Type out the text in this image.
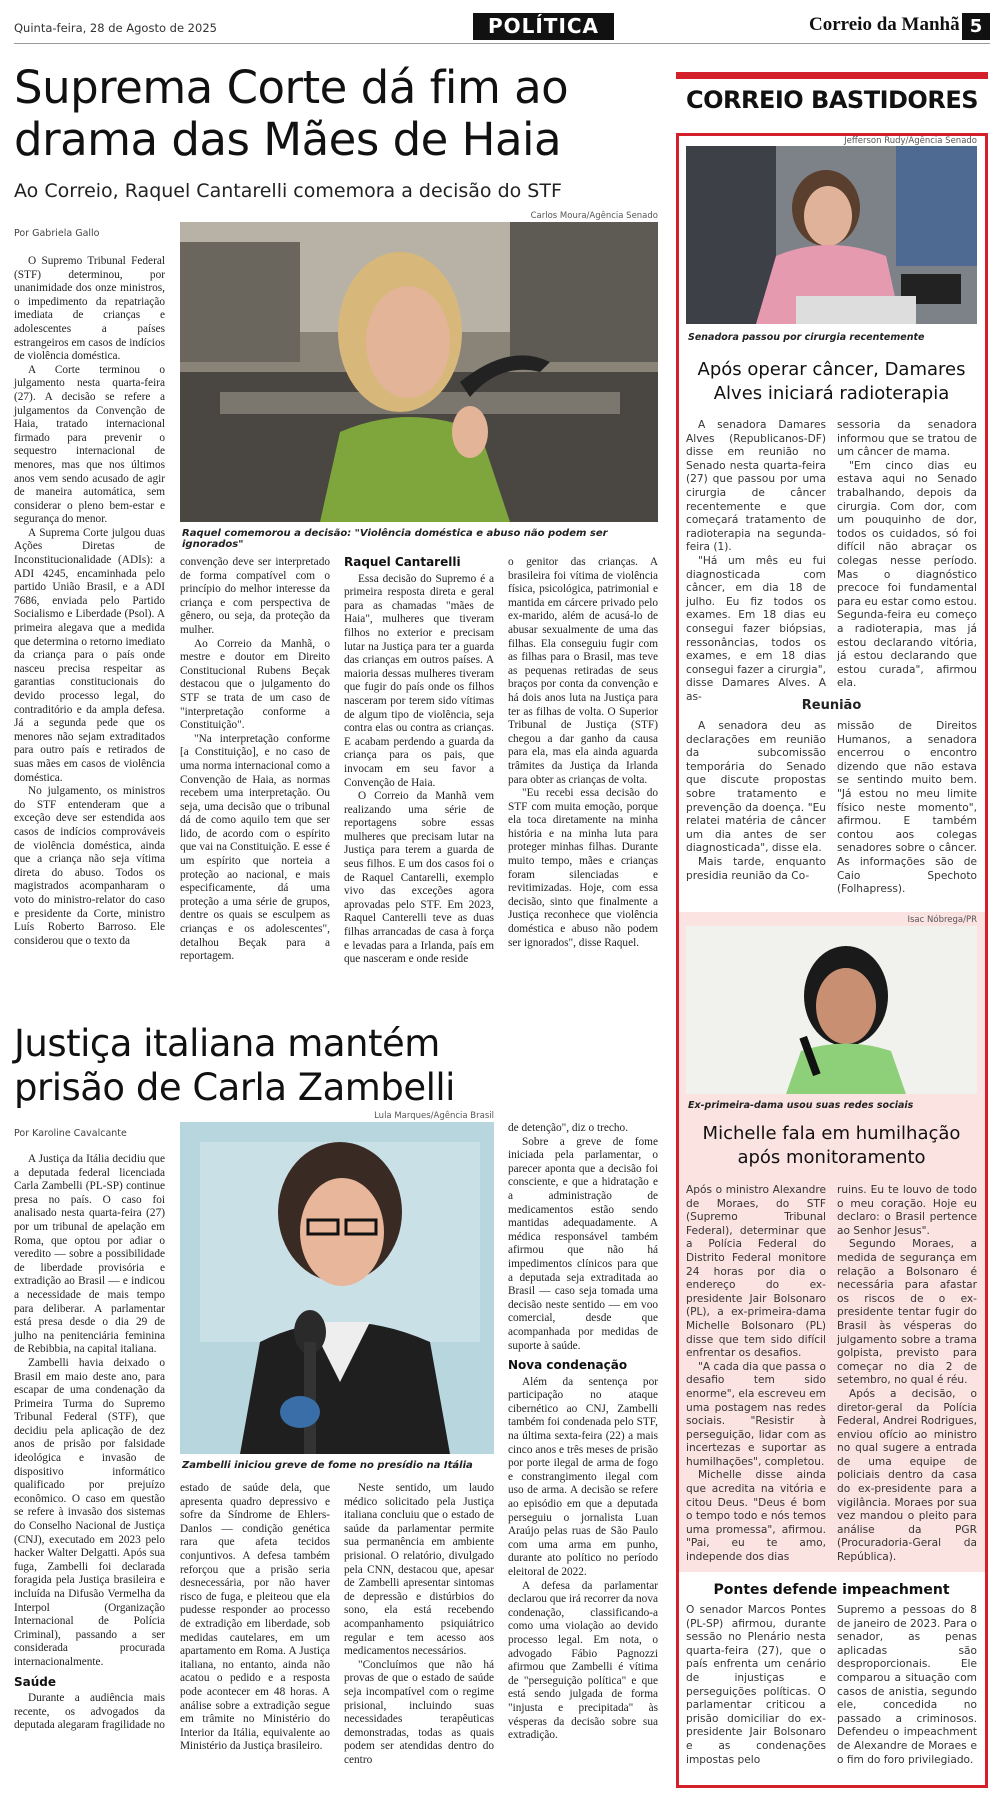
Quinta-feira, 28 de Agosto de 2025	POLÍTICA	Correio da Manhã 5
Suprema Corte dá fim ao drama das Mães de Haia
Ao Correio, Raquel Cantarelli comemora a decisão do STF
Por Gabriela Gallo
Carlos Moura/Agência Senado
Raquel comemorou a decisão: "Violência doméstica e abuso não podem ser ignorados"

O Supremo Tribunal Federal (STF) determinou, por unanimidade dos onze ministros, o impedimento da repatriação imediata de crianças e adolescentes a países estrangeiros em casos de indícios de violência doméstica.

A Corte terminou o julgamento nesta quarta-feira (27). A decisão se refere a julgamentos da Convenção de Haia, tratado internacional firmado para prevenir o sequestro internacional de menores, mas que nos últimos anos vem sendo acusado de agir de maneira automática, sem considerar o pleno bem-estar e segurança do menor.

A Suprema Corte julgou duas Ações Diretas de Inconstitucionalidade (ADIs): a ADI 4245, encaminhada pelo partido União Brasil, e a ADI 7686, enviada pelo Partido Socialismo e Liberdade (Psol). A primeira alegava que a medida que determina o retorno imediato da criança para o país onde nasceu precisa respeitar as garantias constitucionais do devido processo legal, do contraditório e da ampla defesa. Já a segunda pede que os menores não sejam extraditados para outro país e retirados de suas mães em casos de violência doméstica.

No julgamento, os ministros do STF entenderam que a exceção deve ser estendida aos casos de indícios comprováveis de violência doméstica, ainda que a criança não seja vítima direta do abuso. Todos os magistrados acompanharam o voto do ministro-relator do caso e presidente da Corte, ministro Luís Roberto Barroso. Ele considerou que o texto da

convenção deve ser interpretado de forma compatível com o princípio do melhor interesse da criança e com perspectiva de gênero, ou seja, da proteção da mulher.

Ao Correio da Manhã, o mestre e doutor em Direito Constitucional Rubens Beçak destacou que o julgamento do STF se trata de um caso de "interpretação conforme a Constituição".

"Na interpretação conforme [a Constituição], e no caso de uma norma internacional como a Convenção de Haia, as normas recebem uma interpretação. Ou seja, uma decisão que o tribunal dá de como aquilo tem que ser lido, de acordo com o espírito que vai na Constituição. E esse é um espírito que norteia a proteção ao nacional, e mais especificamente, dá uma proteção a uma série de grupos, dentre os quais se esculpem as crianças e os adolescentes", detalhou Beçak para a reportagem.

Raquel Cantarelli

Essa decisão do Supremo é a primeira resposta direta e geral para as chamadas "mães de Haia", mulheres que tiveram filhos no exterior e precisam lutar na Justiça para ter a guarda das crianças em outros países. A maioria dessas mulheres tiveram que fugir do país onde os filhos nasceram por terem sido vítimas de algum tipo de violência, seja contra elas ou contra as crianças. E acabam perdendo a guarda da criança para os pais, que invocam em seu favor a Convenção de Haia.

O Correio da Manhã vem realizando uma série de reportagens sobre essas mulheres que precisam lutar na Justiça para terem a guarda de seus filhos. E um dos casos foi o de Raquel Cantarelli, exemplo vivo das exceções agora aprovadas pelo STF. Em 2023, Raquel Canterelli teve as duas filhas arrancadas de casa à força e levadas para a Irlanda, país em que nasceram e onde reside

o genitor das crianças. A brasileira foi vítima de violência física, psicológica, patrimonial e mantida em cárcere privado pelo ex-marido, além de acusá-lo de abusar sexualmente de uma das filhas. Ela conseguiu fugir com as filhas para o Brasil, mas teve as pequenas retiradas de seus braços por conta da convenção e há dois anos luta na Justiça para ter as filhas de volta. O Superior Tribunal de Justiça (STF) chegou a dar ganho da causa para ela, mas ela ainda aguarda trâmites da Justiça da Irlanda para obter as crianças de volta.

"Eu recebi essa decisão do STF com muita emoção, porque ela toca diretamente na minha história e na minha luta para proteger minhas filhas. Durante muito tempo, mães e crianças foram silenciadas e revitimizadas. Hoje, com essa decisão, sinto que finalmente a Justiça reconhece que violência doméstica e abuso não podem ser ignorados", disse Raquel.

Justiça italiana mantém prisão de Carla Zambelli
Por Karoline Cavalcante
Lula Marques/Agência Brasil
Zambelli iniciou greve de fome no presídio na Itália

A Justiça da Itália decidiu que a deputada federal licenciada Carla Zambelli (PL-SP) continue presa no país. O caso foi analisado nesta quarta-feira (27) por um tribunal de apelação em Roma, que optou por adiar o veredito — sobre a possibilidade de liberdade provisória e extradição ao Brasil — e indicou a necessidade de mais tempo para deliberar. A parlamentar está presa desde o dia 29 de julho na penitenciária feminina de Rebibbia, na capital italiana.

Zambelli havia deixado o Brasil em maio deste ano, para escapar de uma condenação da Primeira Turma do Supremo Tribunal Federal (STF), que decidiu pela aplicação de dez anos de prisão por falsidade ideológica e invasão de dispositivo informático qualificado por prejuízo econômico. O caso em questão se refere à invasão dos sistemas do Conselho Nacional de Justiça (CNJ), executado em 2023 pelo hacker Walter Delgatti. Após sua fuga, Zambelli foi declarada foragida pela Justiça brasileira e incluída na Difusão Vermelha da Interpol (Organização Internacional de Polícia Criminal), passando a ser considerada procurada internacionalmente.

Saúde

Durante a audiência mais recente, os advogados da deputada alegaram fragilidade no

estado de saúde dela, que apresenta quadro depressivo e sofre da Síndrome de Ehlers-Danlos — condição genética rara que afeta tecidos conjuntivos. A defesa também reforçou que a prisão seria desnecessária, por não haver risco de fuga, e pleiteou que ela pudesse responder ao processo de extradição em liberdade, sob medidas cautelares, em um apartamento em Roma. A Justiça italiana, no entanto, ainda não acatou o pedido e a resposta pode acontecer em 48 horas. A análise sobre a extradição segue em trâmite no Ministério do Interior da Itália, equivalente ao Ministério da Justiça brasileiro.

Neste sentido, um laudo médico solicitado pela Justiça italiana concluiu que o estado de saúde da parlamentar permite sua permanência em ambiente prisional. O relatório, divulgado pela CNN, destacou que, apesar de Zambelli apresentar sintomas de depressão e distúrbios do sono, ela está recebendo acompanhamento psiquiátrico regular e tem acesso aos medicamentos necessários.

"Concluímos que não há provas de que o estado de saúde seja incompatível com o regime prisional, incluindo suas necessidades terapêuticas demonstradas, todas as quais podem ser atendidas dentro do centro

de detenção", diz o trecho.

Sobre a greve de fome iniciada pela parlamentar, o parecer aponta que a decisão foi consciente, e que a hidratação e a administração de medicamentos estão sendo mantidas adequadamente. A médica responsável também afirmou que não há impedimentos clínicos para que a deputada seja extraditada ao Brasil — caso seja tomada uma decisão neste sentido — em voo comercial, desde que acompanhada por medidas de suporte à saúde.

Nova condenação

Além da sentença por participação no ataque cibernético ao CNJ, Zambelli também foi condenada pelo STF, na última sexta-feira (22) a mais cinco anos e três meses de prisão por porte ilegal de arma de fogo e constrangimento ilegal com uso de arma. A decisão se refere ao episódio em que a deputada perseguiu o jornalista Luan Araújo pelas ruas de São Paulo com uma arma em punho, durante ato político no período eleitoral de 2022.

A defesa da parlamentar declarou que irá recorrer da nova condenação, classificando-a como uma violação ao devido processo legal. Em nota, o advogado Fábio Pagnozzi afirmou que Zambelli é vítima de "perseguição política" e que está sendo julgada de forma "injusta e precipitada" às vésperas da decisão sobre sua extradição.

CORREIO BASTIDORES
Jefferson Rudy/Agência Senado
Senadora passou por cirurgia recentemente
Após operar câncer, Damares Alves iniciará radioterapia

A senadora Damares Alves (Republicanos-DF) disse em reunião no Senado nesta quarta-feira (27) que passou por uma cirurgia de câncer recentemente e que começará tratamento de radioterapia na segunda-feira (1).

"Há um mês eu fui diagnosticada com câncer, em dia 18 de julho. Eu fiz todos os exames. Em 18 dias eu consegui fazer biópsias, ressonâncias, todos os exames, e em 18 dias consegui fazer a cirurgia", disse Damares Alves. A as-

sessoria da senadora informou que se tratou de um câncer de mama.

"Em cinco dias eu estava aqui no Senado trabalhando, depois da cirurgia. Com dor, com um pouquinho de dor, todos os cuidados, só foi difícil não abraçar os colegas nesse período. Mas o diagnóstico precoce foi fundamental para eu estar como estou. Segunda-feira eu começo a radioterapia, mas já estou declarando vitória, já estou declarando que estou curada", afirmou ela.

Reunião

A senadora deu as declarações em reunião da subcomissão temporária do Senado que discute propostas sobre tratamento e prevenção da doença. "Eu relatei matéria de câncer um dia antes de ser diagnosticada", disse ela.

Mais tarde, enquanto presidia reunião da Co-

missão de Direitos Humanos, a senadora encerrou o encontro dizendo que não estava se sentindo muito bem. "Já estou no meu limite físico neste momento", afirmou. E também contou aos colegas senadores sobre o câncer. As informações são de Caio Spechoto (Folhapress).

Isac Nóbrega/PR
Ex-primeira-dama usou suas redes sociais
Michelle fala em humilhação após monitoramento

Após o ministro Alexandre de Moraes, do STF (Supremo Tribunal Federal), determinar que a Polícia Federal do Distrito Federal monitore 24 horas por dia o endereço do ex-presidente Jair Bolsonaro (PL), a ex-primeira-dama Michelle Bolsonaro (PL) disse que tem sido difícil enfrentar os desafios.

"A cada dia que passa o desafio tem sido enorme", ela escreveu em uma postagem nas redes sociais. "Resistir à perseguição, lidar com as incertezas e suportar as humilhações", completou.

Michelle disse ainda que acredita na vitória e citou Deus. "Deus é bom o tempo todo e nós temos uma promessa", afirmou. "Pai, eu te amo, independe dos dias

ruins. Eu te louvo de todo o meu coração. Hoje eu declaro: o Brasil pertence ao Senhor Jesus".

Segundo Moraes, a medida de segurança em relação a Bolsonaro é necessária para afastar os riscos de o ex-presidente tentar fugir do Brasil às vésperas do julgamento sobre a trama golpista, previsto para começar no dia 2 de setembro, no qual é réu.

Após a decisão, o diretor-geral da Polícia Federal, Andrei Rodrigues, enviou ofício ao ministro no qual sugere a entrada de uma equipe de policiais dentro da casa do ex-presidente para a vigilância. Moraes por sua vez mandou o pleito para análise da PGR (Procuradoria-Geral da República).

Pontes defende impeachment

O senador Marcos Pontes (PL-SP) afirmou, durante sessão no Plenário nesta quarta-feira (27), que o país enfrenta um cenário de injustiças e perseguições políticas. O parlamentar criticou a prisão domiciliar do ex-presidente Jair Bolsonaro e as condenações impostas pelo

Supremo a pessoas do 8 de janeiro de 2023. Para o senador, as penas aplicadas são desproporcionais. Ele comparou a situação com casos de anistia, segundo ele, concedida no passado a criminosos. Defendeu o impeachment de Alexandre de Moraes e o fim do foro privilegiado.
